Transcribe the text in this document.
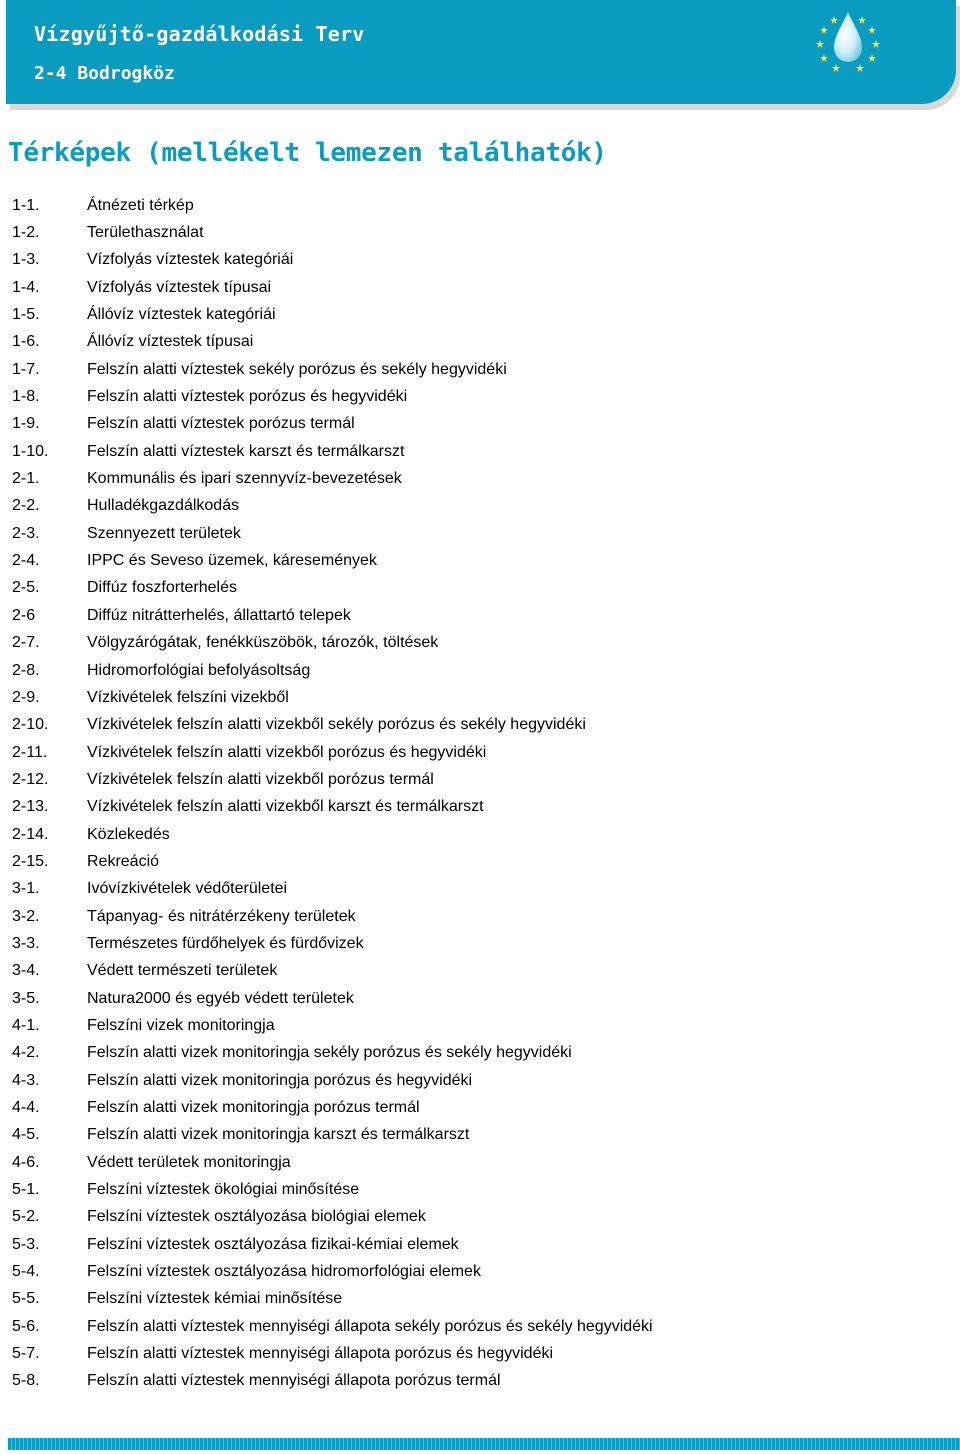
Vízgyűjtő-gazdálkodási Terv
2-4 Bodrogköz
Térképek (mellékelt lemezen találhatók)
1-1.	Átnézeti térkép
1-2.	Területhasználat
1-3.	Vízfolyás víztestek kategóriái
1-4.	Vízfolyás víztestek típusai
1-5.	Állóvíz víztestek kategóriái
1-6.	Állóvíz víztestek típusai
1-7.	Felszín alatti víztestek sekély porózus és sekély hegyvidéki
1-8.	Felszín alatti víztestek porózus és hegyvidéki
1-9.	Felszín alatti víztestek porózus termál
1-10.	Felszín alatti víztestek karszt és termálkarszt
2-1.	Kommunális és ipari szennyvíz-bevezetések
2-2.	Hulladékgazdálkodás
2-3.	Szennyezett területek
2-4.	IPPC és Seveso üzemek, káresemények
2-5.	Diffúz foszforterhelés
2-6	Diffúz nitrátterhelés, állattartó telepek
2-7.	Völgyzárógátak, fenékküszöbök, tározók, töltések
2-8.	Hidromorfológiai befolyásoltság
2-9.	Vízkivételek felszíni vizekből
2-10.	Vízkivételek felszín alatti vizekből sekély porózus és sekély hegyvidéki
2-11.	Vízkivételek felszín alatti vizekből porózus és hegyvidéki
2-12.	Vízkivételek felszín alatti vizekből porózus termál
2-13.	Vízkivételek felszín alatti vizekből karszt és termálkarszt
2-14.	Közlekedés
2-15.	Rekreáció
3-1.	Ivóvízkivételek védőterületei
3-2.	Tápanyag- és nitrátérzékeny területek
3-3.	Természetes fürdőhelyek és fürdővizek
3-4.	Védett természeti területek
3-5.	Natura2000 és egyéb védett területek
4-1.	Felszíni vizek monitoringja
4-2.	Felszín alatti vizek monitoringja sekély porózus és sekély hegyvidéki
4-3.	Felszín alatti vizek monitoringja porózus és hegyvidéki
4-4.	Felszín alatti vizek monitoringja porózus termál
4-5.	Felszín alatti vizek monitoringja karszt és termálkarszt
4-6.	Védett területek monitoringja
5-1.	Felszíni víztestek ökológiai minősítése
5-2.	Felszíni víztestek osztályozása biológiai elemek
5-3.	Felszíni víztestek osztályozása fizikai-kémiai elemek
5-4.	Felszíni víztestek osztályozása hidromorfológiai elemek
5-5.	Felszíni víztestek kémiai minősítése
5-6.	Felszín alatti víztestek mennyiségi állapota sekély porózus és sekély hegyvidéki
5-7.	Felszín alatti víztestek mennyiségi állapota porózus és hegyvidéki
5-8.	Felszín alatti víztestek mennyiségi állapota porózus termál
